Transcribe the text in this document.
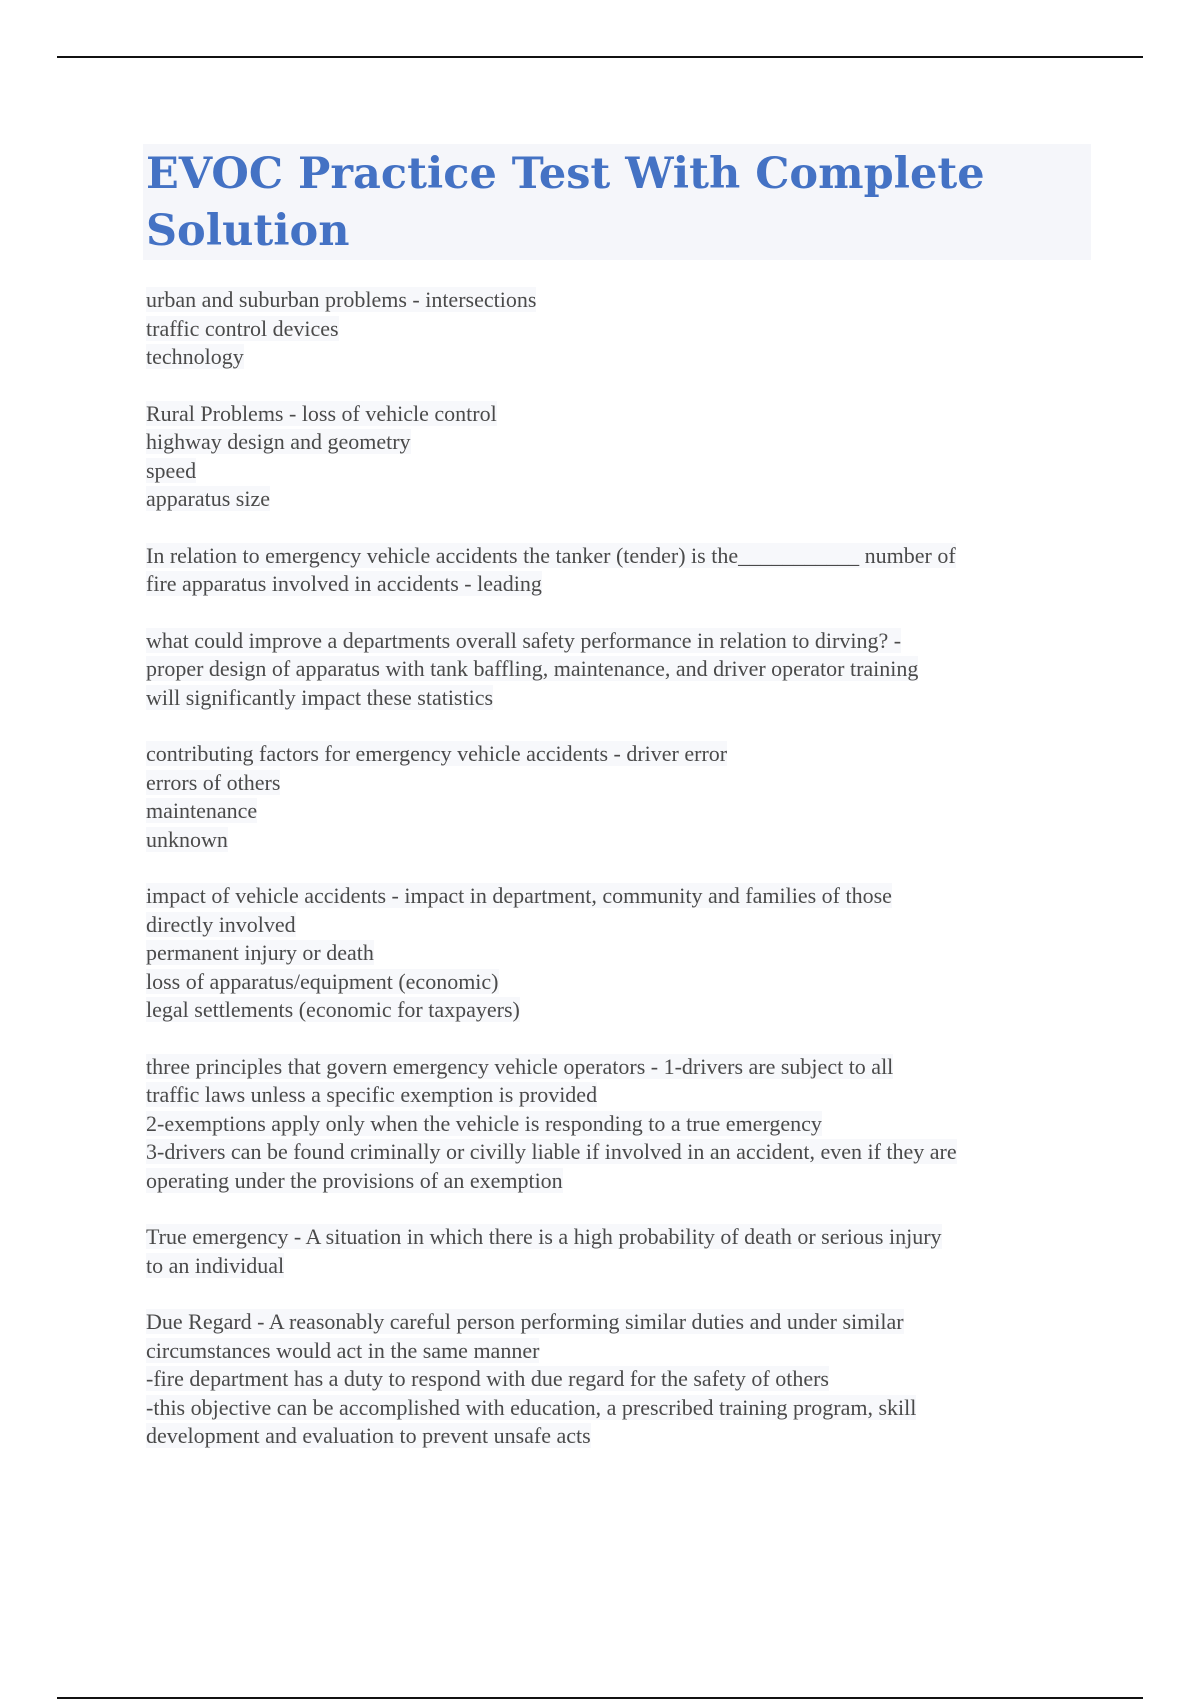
EVOC Practice Test With Complete
Solution
urban and suburban problems - intersections
traffic control devices
technology
Rural Problems - loss of vehicle control
highway design and geometry
speed
apparatus size
In relation to emergency vehicle accidents the tanker (tender) is the___________ number of
fire apparatus involved in accidents - leading
what could improve a departments overall safety performance in relation to dirving? -
proper design of apparatus with tank baffling, maintenance, and driver operator training
will significantly impact these statistics
contributing factors for emergency vehicle accidents - driver error
errors of others
maintenance
unknown
impact of vehicle accidents - impact in department, community and families of those
directly involved
permanent injury or death
loss of apparatus/equipment (economic)
legal settlements (economic for taxpayers)
three principles that govern emergency vehicle operators - 1-drivers are subject to all
traffic laws unless a specific exemption is provided
2-exemptions apply only when the vehicle is responding to a true emergency
3-drivers can be found criminally or civilly liable if involved in an accident, even if they are
operating under the provisions of an exemption
True emergency - A situation in which there is a high probability of death or serious injury
to an individual
Due Regard - A reasonably careful person performing similar duties and under similar
circumstances would act in the same manner
-fire department has a duty to respond with due regard for the safety of others
-this objective can be accomplished with education, a prescribed training program, skill
development and evaluation to prevent unsafe acts
